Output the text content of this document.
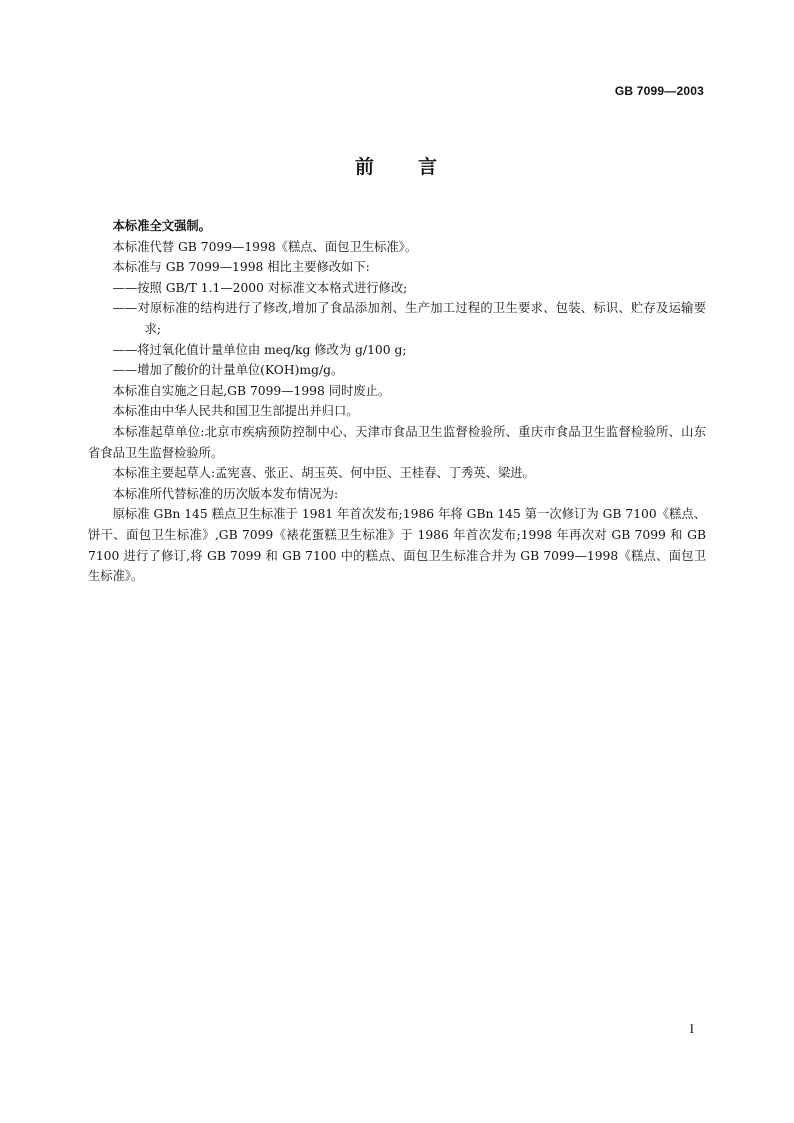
GB 7099—2003
前 言

本标准全文强制。

本标准代替 GB 7099—1998《糕点、面包卫生标准》。

本标准与 GB 7099—1998 相比主要修改如下:

——按照 GB/T 1.1—2000 对标准文本格式进行修改;

——对原标准的结构进行了修改,增加了食品添加剂、生产加工过程的卫生要求、包装、标识、贮存及运输要求;

——将过氧化值计量单位由 meq/kg 修改为 g/100 g;

——增加了酸价的计量单位(KOH)mg/g。

本标准自实施之日起,GB 7099—1998 同时废止。

本标准由中华人民共和国卫生部提出并归口。

本标准起草单位:北京市疾病预防控制中心、天津市食品卫生监督检验所、重庆市食品卫生监督检验所、山东省食品卫生监督检验所。

本标准主要起草人:孟宪喜、张正、胡玉英、何中臣、王桂春、丁秀英、梁进。

本标准所代替标准的历次版本发布情况为:

原标准 GBn 145 糕点卫生标准于 1981 年首次发布;1986 年将 GBn 145 第一次修订为 GB 7100《糕点、饼干、面包卫生标准》,GB 7099《裱花蛋糕卫生标准》于 1986 年首次发布;1998 年再次对 GB 7099 和 GB 7100 进行了修订,将 GB 7099 和 GB 7100 中的糕点、面包卫生标准合并为 GB 7099—1998《糕点、面包卫生标准》。

I
